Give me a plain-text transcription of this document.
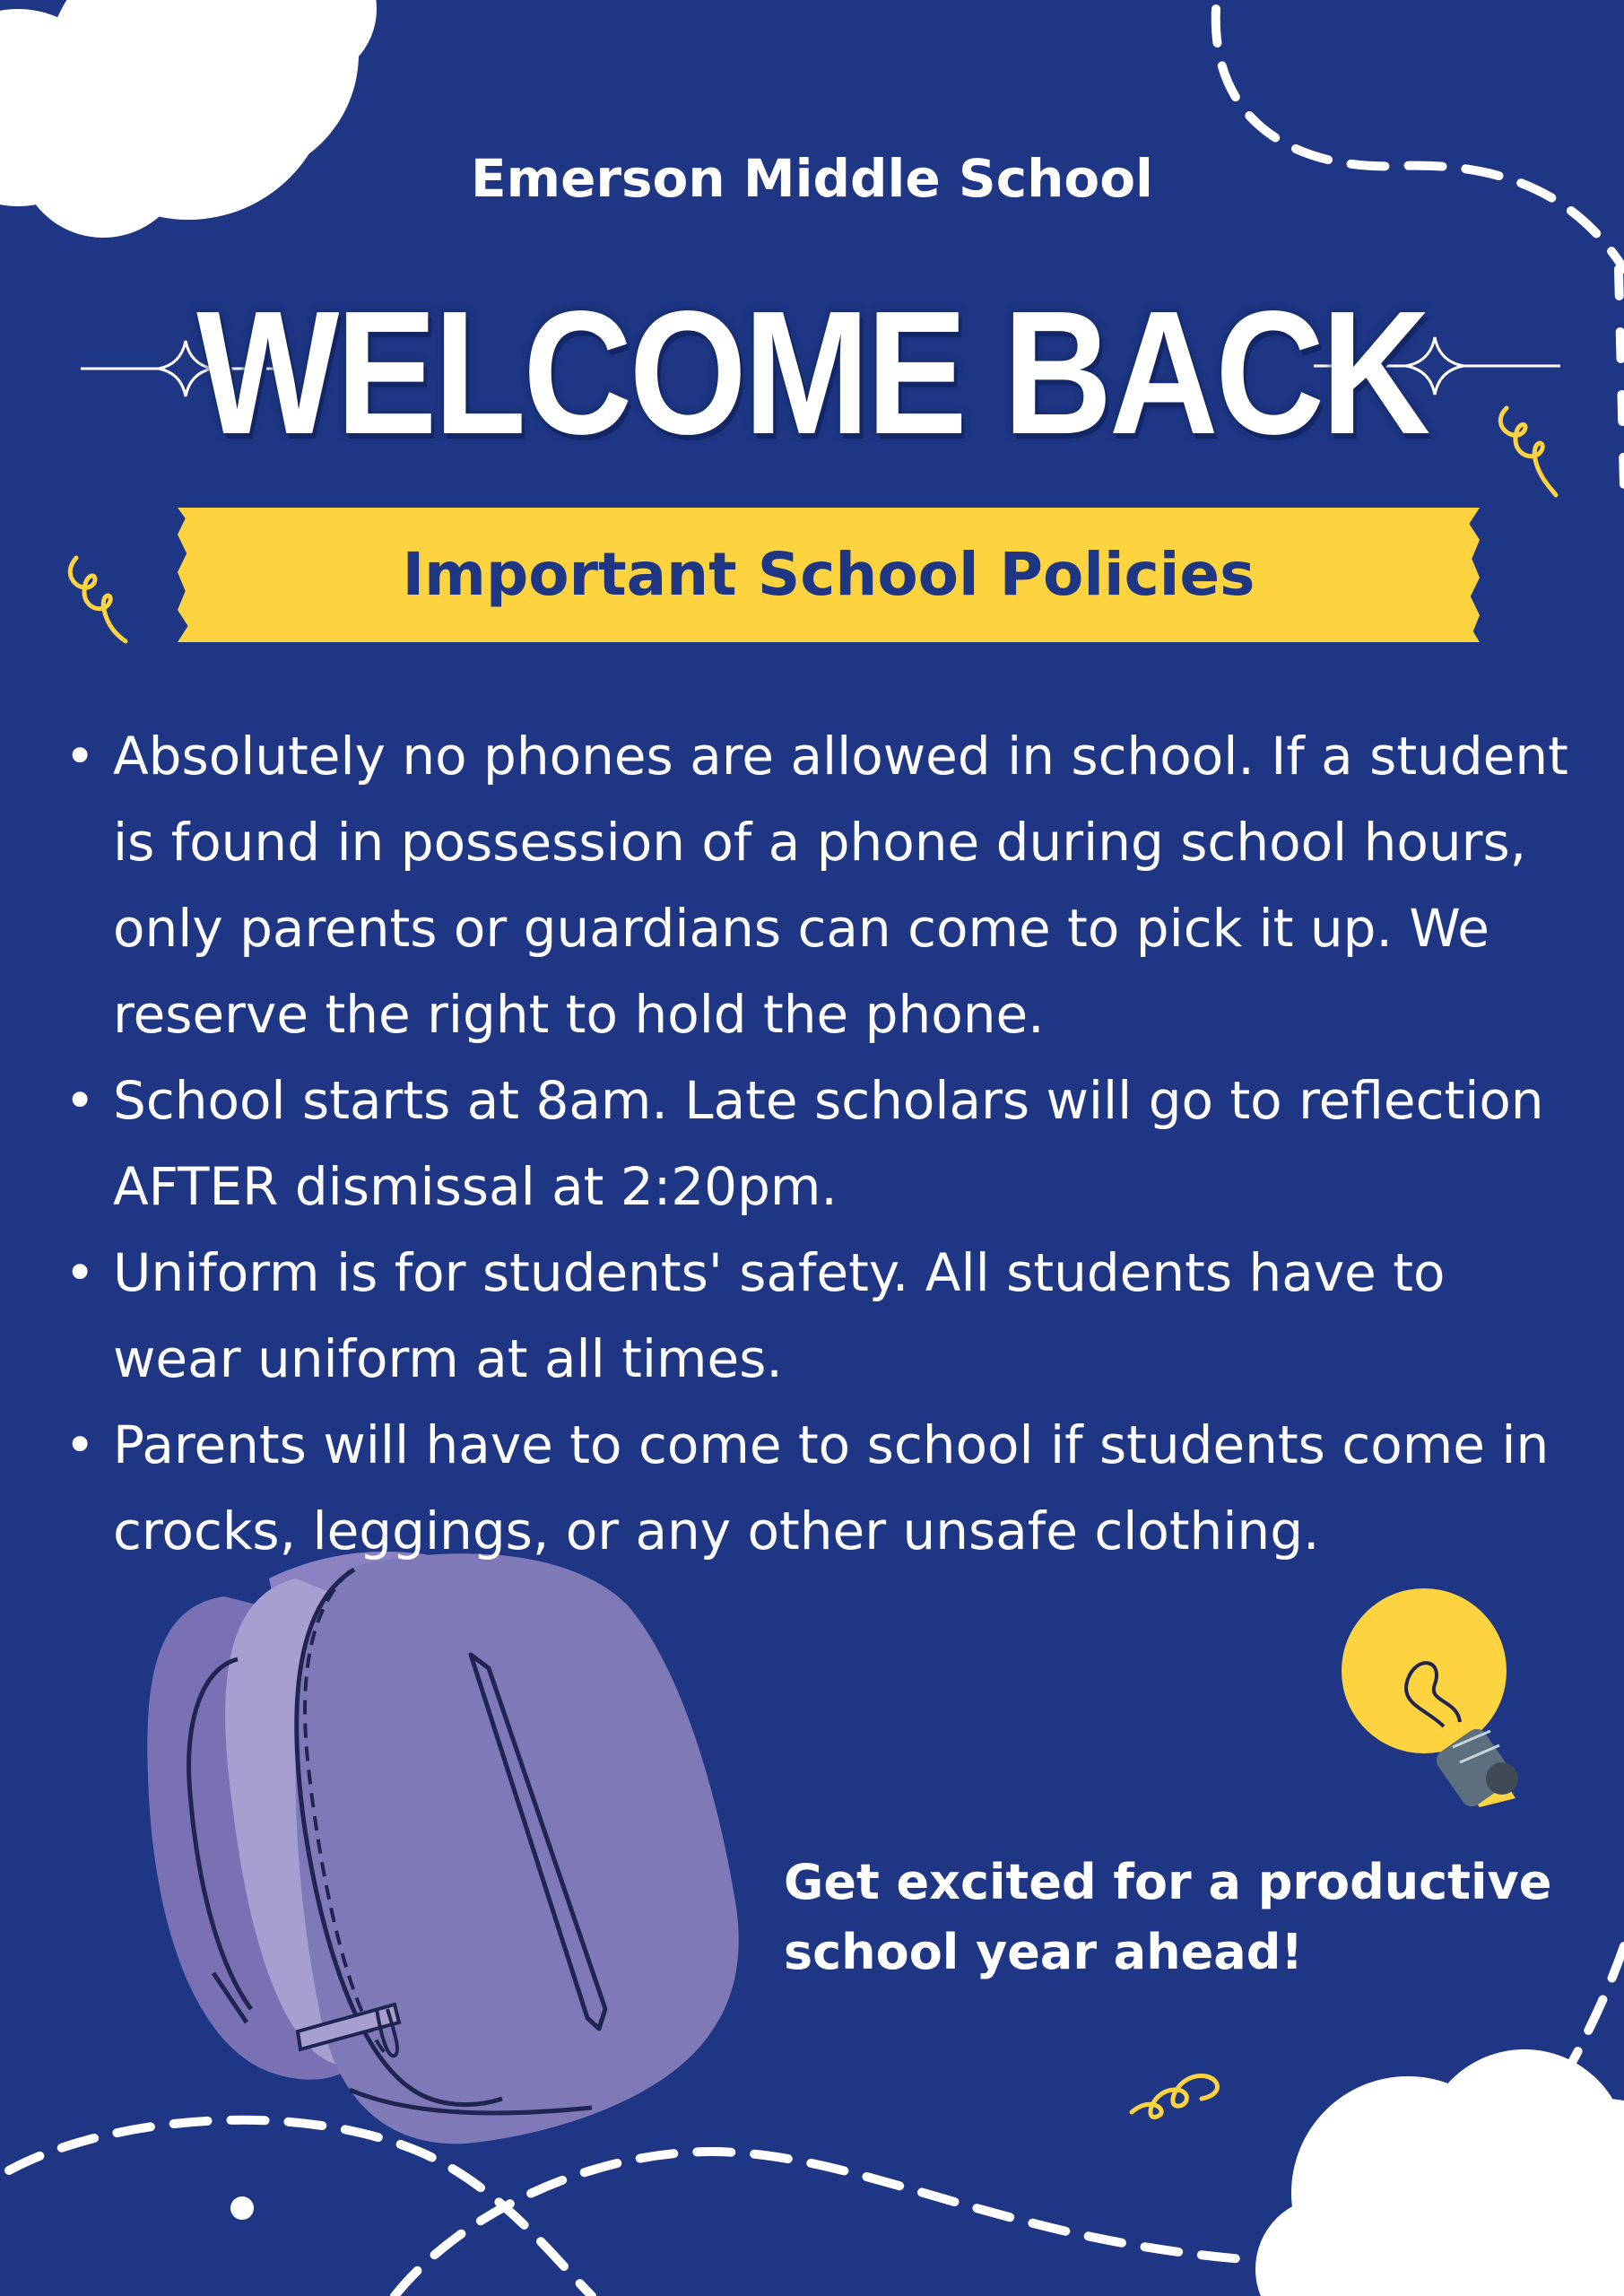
Emerson Middle School
WELCOME BACK
Important School Policies
• Absolutely no phones are allowed in school. If a student is found in possession of a phone during school hours, only parents or guardians can come to pick it up. We reserve the right to hold the phone.
• School starts at 8am. Late scholars will go to reflection AFTER dismissal at 2:20pm.
• Uniform is for students' safety. All students have to wear uniform at all times.
• Parents will have to come to school if students come in crocks, leggings, or any other unsafe clothing.
Get excited for a productive school year ahead!
